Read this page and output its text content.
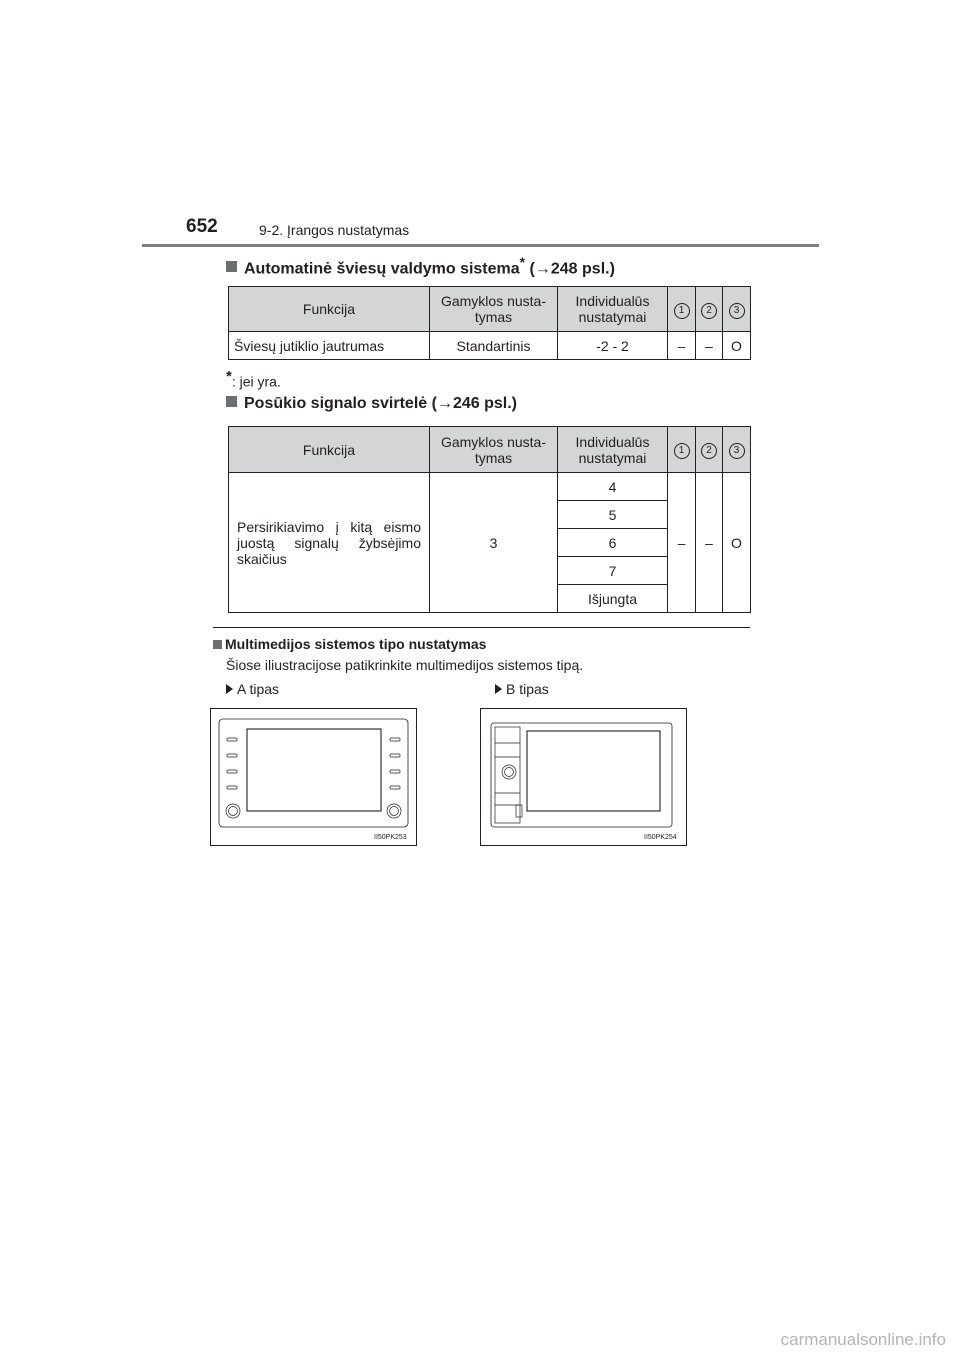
652	9-2. Įrangos nustatymas
Automatinė šviesų valdymo sistema* (→248 psl.)
Funkcija	Gamyklos nusta-tymas	Individualūs nustatymai	1	2	3
Šviesų jutiklio jautrumas	Standartinis	-2 - 2	–	–	O
*: jei yra.
Posūkio signalo svirtelė (→246 psl.)
Funkcija	Gamyklos nusta-tymas	Individualūs nustatymai	1	2	3
Persirikiavimo į kitą eismo juostą signalų žybsėjimo skaičius	3	4	–	–	O
		5			
		6			
		7			
		Išjungta			
Multimedijos sistemos tipo nustatymas
Šiose iliustracijose patikrinkite multimedijos sistemos tipą.
A tipas	B tipas
II50PK253	II50PK254
carmanualsonline.info
